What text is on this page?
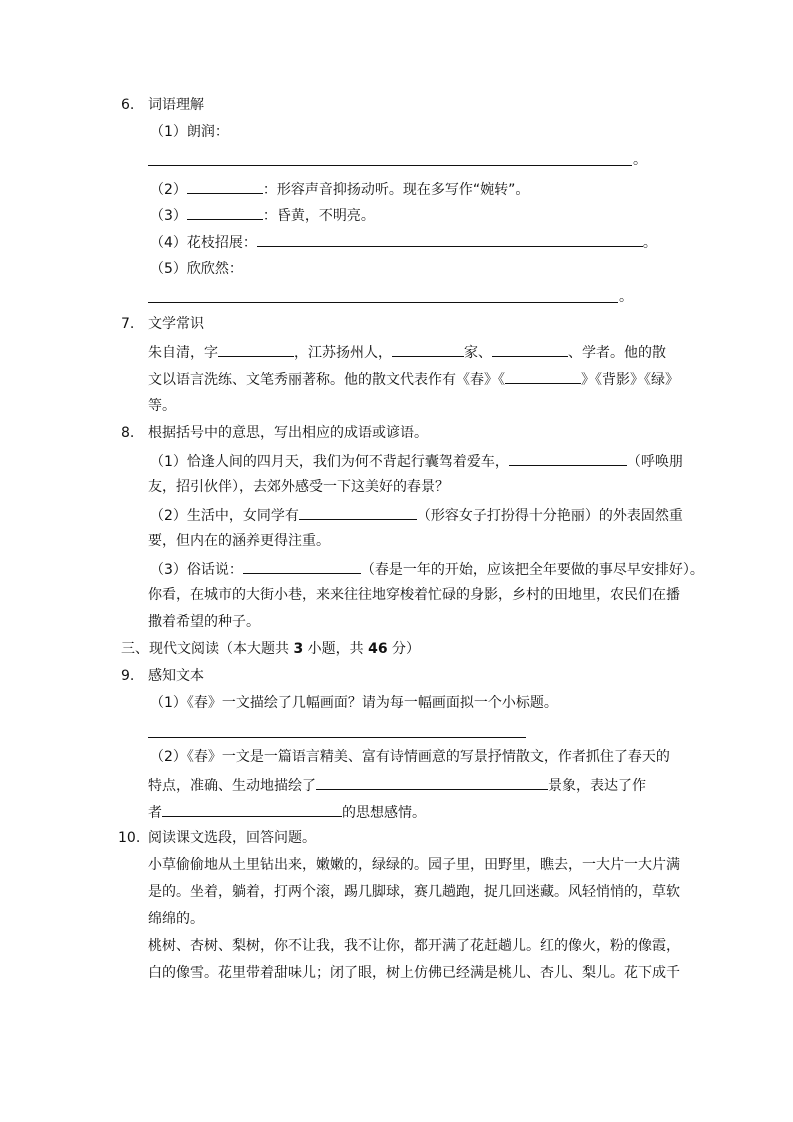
6. 词语理解
（1）朗润：
。
（2）	：形容声音抑扬动听。现在多写作“婉转”。
（3）	：昏黄，不明亮。
（4）花枝招展：	。
（5）欣欣然：
。
7. 文学常识
朱自清，字	，江苏扬州人，	家、	、学者。他的散
文以语言洗练、文笔秀丽著称。他的散文代表作有《春》《	》《背影》《绿》
等。
8. 根据括号中的意思，写出相应的成语或谚语。
（1）恰逢人间的四月天，我们为何不背起行囊驾着爱车，	（呼唤朋
友，招引伙伴），去郊外感受一下这美好的春景？
（2）生活中，女同学有	（形容女子打扮得十分艳丽）的外表固然重
要，但内在的涵养更得注重。
（3）俗话说：	（春是一年的开始，应该把全年要做的事尽早安排好）。
你看，在城市的大街小巷，来来往往地穿梭着忙碌的身影，乡村的田地里，农民们在播
撒着希望的种子。
三、现代文阅读（本大题共 3 小题，共 46 分）
9. 感知文本
（1）《春》一文描绘了几幅画面？请为每一幅画面拟一个小标题。
（2）《春》一文是一篇语言精美、富有诗情画意的写景抒情散文，作者抓住了春天的
特点，准确、生动地描绘了	景象，表达了作
者	的思想感情。
10. 阅读课文选段，回答问题。
小草偷偷地从土里钻出来，嫩嫩的，绿绿的。园子里，田野里，瞧去，一大片一大片满
是的。坐着，躺着，打两个滚，踢几脚球，赛几趟跑，捉几回迷藏。风轻悄悄的，草软
绵绵的。
桃树、杏树、梨树，你不让我，我不让你，都开满了花赶趟儿。红的像火，粉的像霞，
白的像雪。花里带着甜味儿；闭了眼，树上仿佛已经满是桃儿、杏儿、梨儿。花下成千
